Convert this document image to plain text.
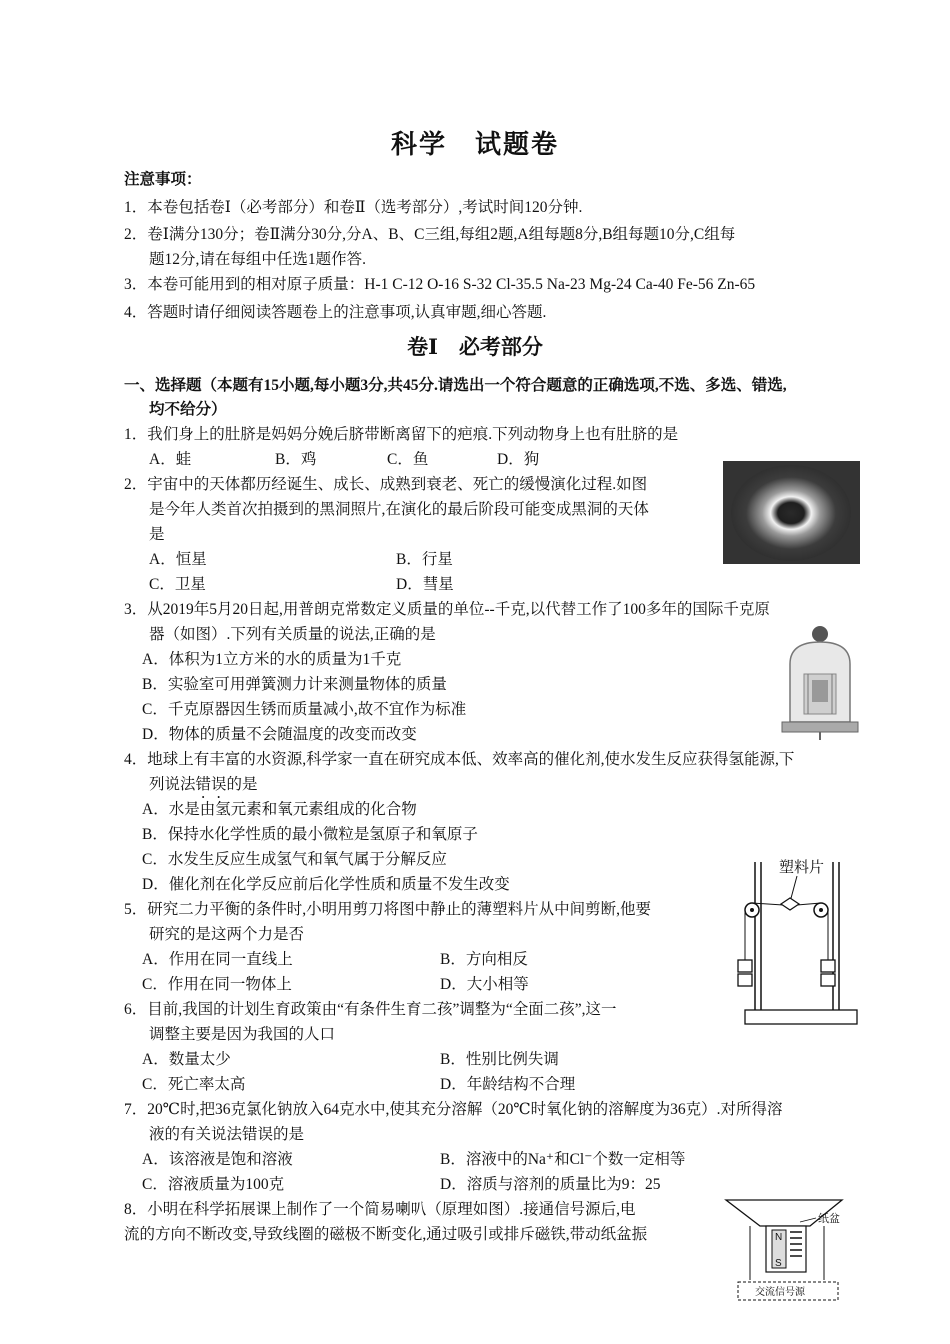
科学　试题卷
注意事项：
1．本卷包括卷Ⅰ（必考部分）和卷Ⅱ（选考部分）,考试时间120分钟.
2．卷Ⅰ满分130分；卷Ⅱ满分30分,分A、B、C三组,每组2题,A组每题8分,B组每题10分,C组每
题12分,请在每组中任选1题作答.
3．本卷可能用到的相对原子质量：H-1 C-12 O-16 S-32 Cl-35.5 Na-23 Mg-24 Ca-40 Fe-56 Zn-65
4．答题时请仔细阅读答题卷上的注意事项,认真审题,细心答题.
卷Ⅰ　必考部分
一、选择题（本题有15小题,每小题3分,共45分.请选出一个符合题意的正确选项,不选、多选、错选,
均不给分）
1．我们身上的肚脐是妈妈分娩后脐带断离留下的疤痕.下列动物身上也有肚脐的是
A．蛙	B．鸡	C．鱼	D．狗
2．宇宙中的天体都历经诞生、成长、成熟到衰老、死亡的缓慢演化过程.如图
是今年人类首次拍摄到的黑洞照片,在演化的最后阶段可能变成黑洞的天体
是
A．恒星	B．行星
C．卫星	D．彗星
3．从2019年5月20日起,用普朗克常数定义质量的单位--千克,以代替工作了100多年的国际千克原
器（如图）.下列有关质量的说法,正确的是
A．体积为1立方米的水的质量为1千克
B．实验室可用弹簧测力计来测量物体的质量
C．千克原器因生锈而质量减小,故不宜作为标准
D．物体的质量不会随温度的改变而改变
4．地球上有丰富的水资源,科学家一直在研究成本低、效率高的催化剂,使水发生反应获得氢能源,下
列说法错误的是
A．水是由氢元素和氧元素组成的化合物
B．保持水化学性质的最小微粒是氢原子和氧原子
C．水发生反应生成氢气和氧气属于分解反应
D．催化剂在化学反应前后化学性质和质量不发生改变
5．研究二力平衡的条件时,小明用剪刀将图中静止的薄塑料片从中间剪断,他要
研究的是这两个力是否
A．作用在同一直线上	B．方向相反
C．作用在同一物体上	D．大小相等
塑料片
6．目前,我国的计划生育政策由“有条件生育二孩”调整为“全面二孩”,这一
调整主要是因为我国的人口
A．数量太少	B．性别比例失调
C．死亡率太高	D．年龄结构不合理
7．20℃时,把36克氯化钠放入64克水中,使其充分溶解（20℃时氧化钠的溶解度为36克）.对所得溶
液的有关说法错误的是
A．该溶液是饱和溶液	B．溶液中的Na⁺和Cl⁻个数一定相等
C．溶液质量为100克	D．溶质与溶剂的质量比为9：25
8．小明在科学拓展课上制作了一个简易喇叭（原理如图）.接通信号源后,电
流的方向不断改变,导致线圈的磁极不断变化,通过吸引或排斥磁铁,带动纸盆振
纸盆
N
S
交流信号源
